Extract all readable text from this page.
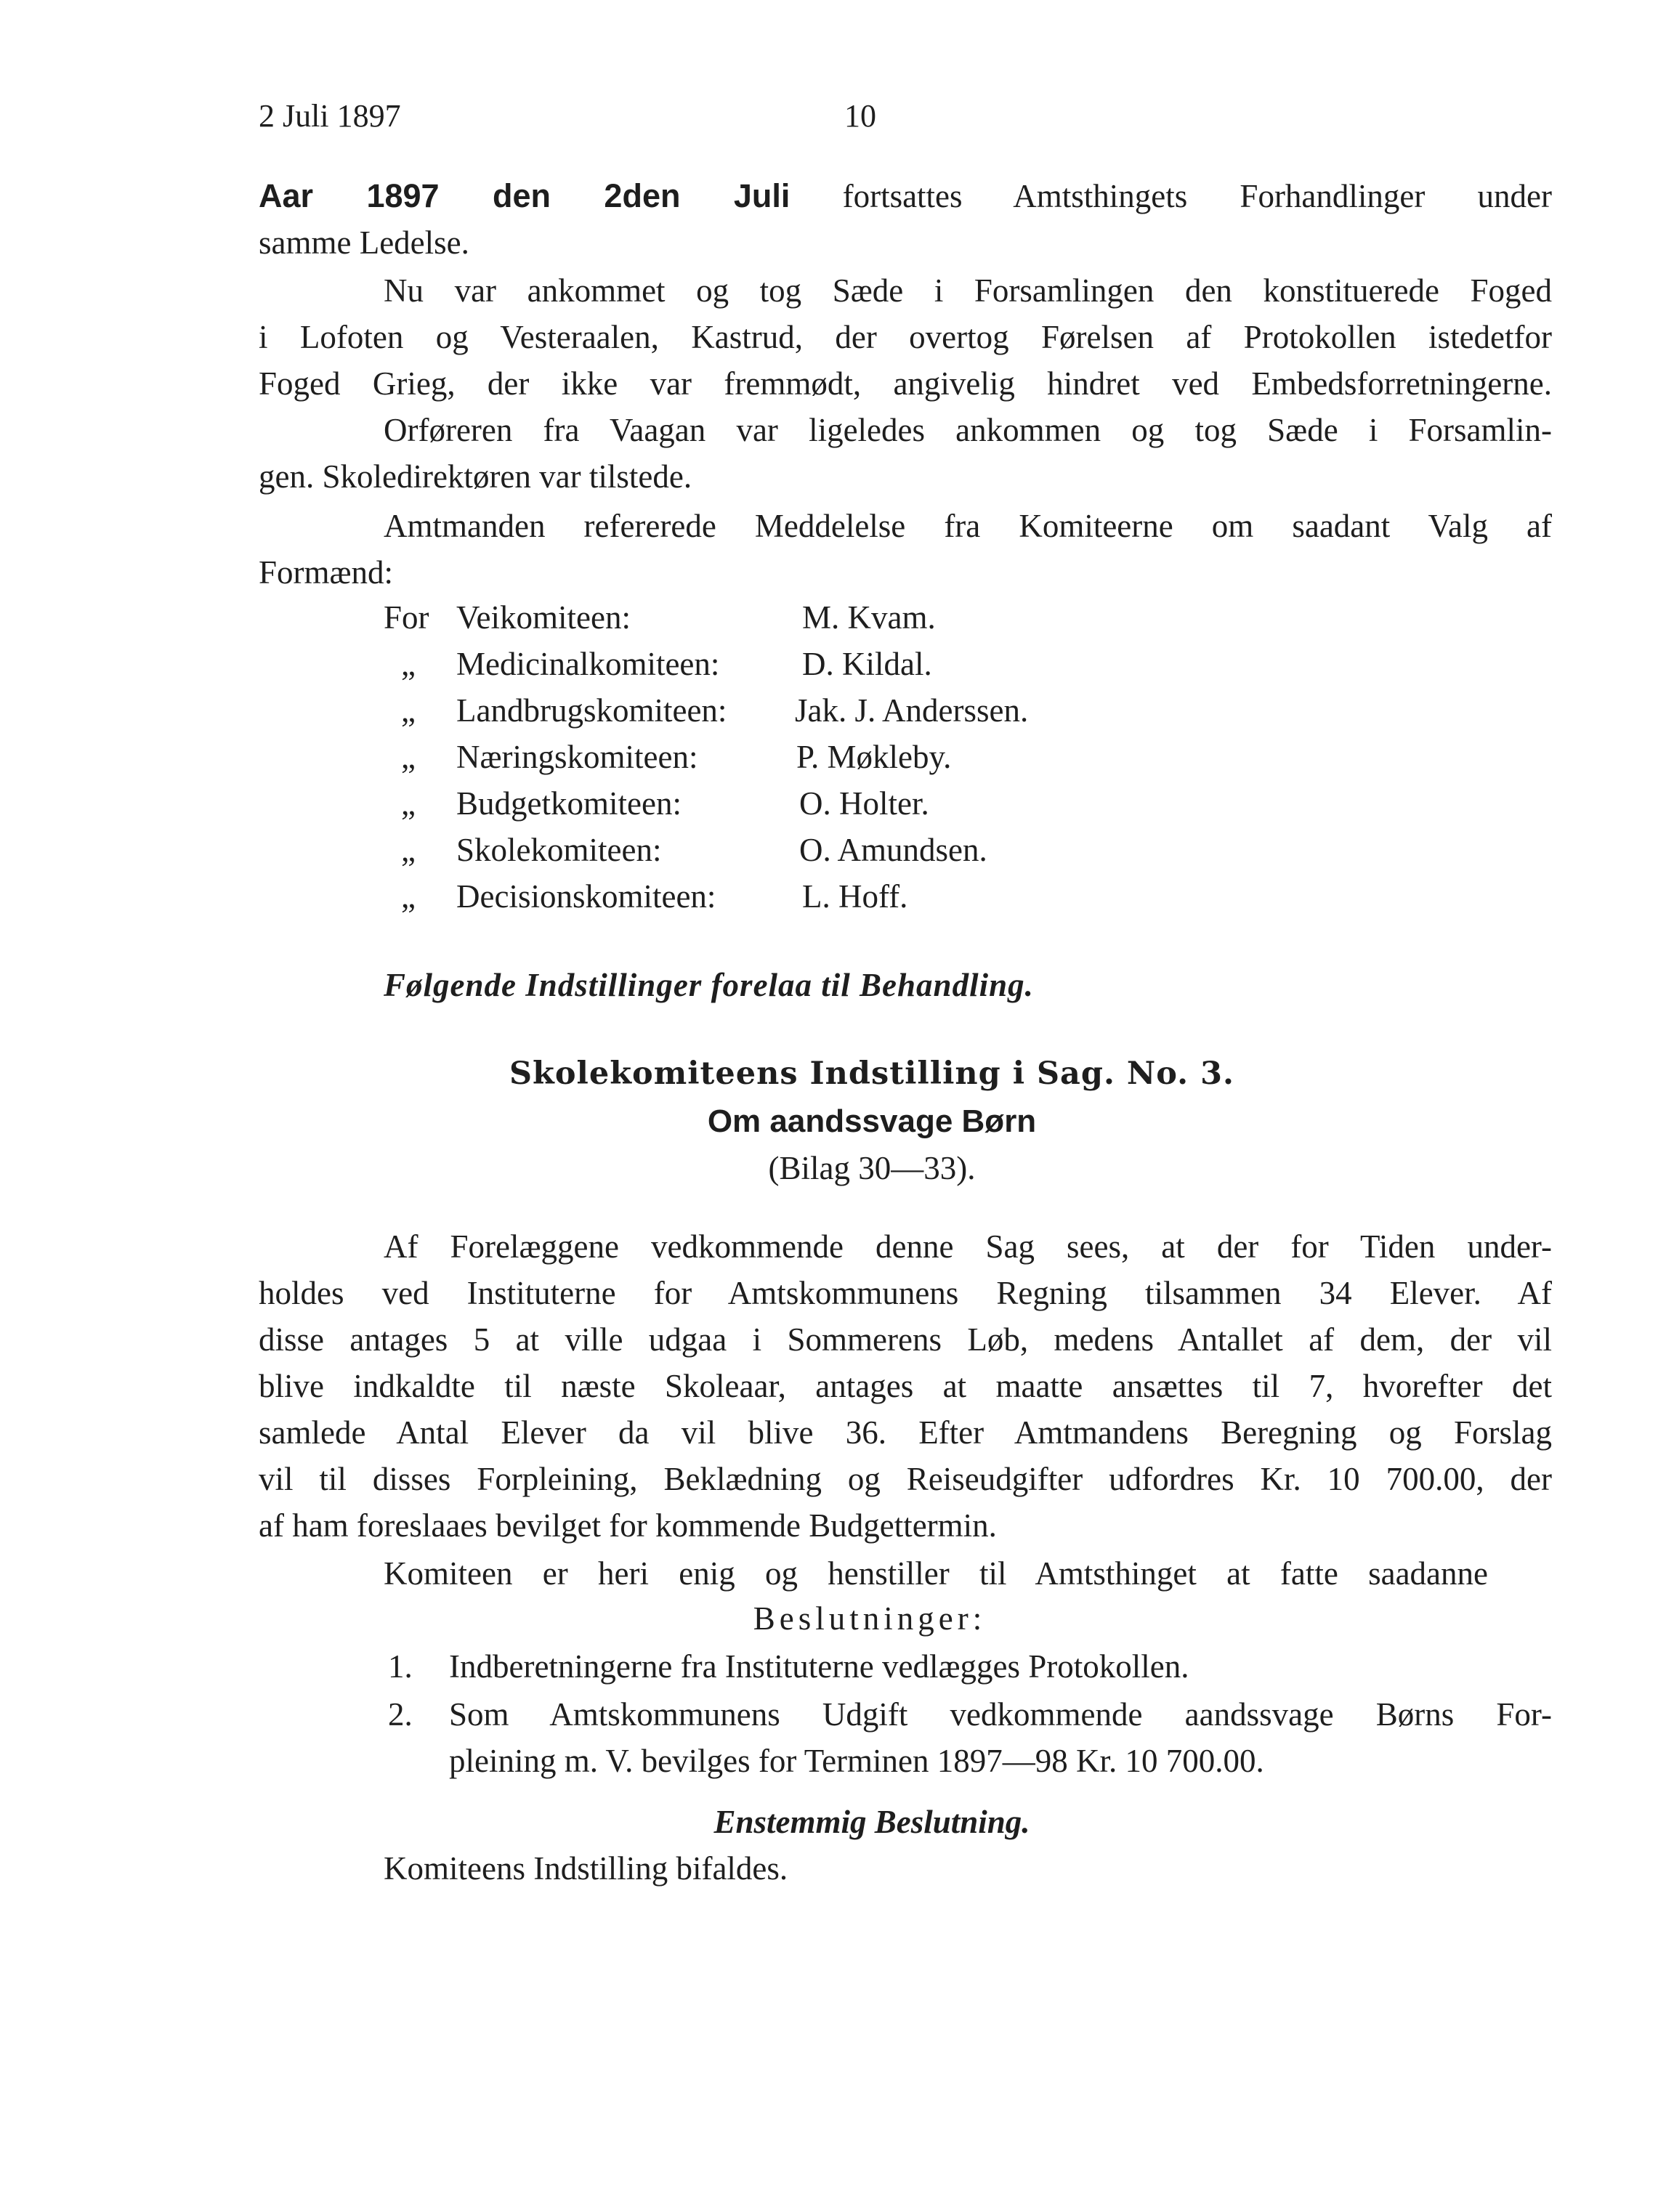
2 Juli 1897	10
Aar 1897 den 2den Juli fortsattes Amtsthingets Forhandlinger under
samme Ledelse.
Nu var ankommet og tog Sæde i Forsamlingen den konstituerede Foged
i Lofoten og Vesteraalen, Kastrud, der overtog Førelsen af Protokollen istedetfor
Foged Grieg, der ikke var fremmødt, angivelig hindret ved Embedsforretningerne.
Orføreren fra Vaagan var ligeledes ankommen og tog Sæde i Forsamlin-
gen. Skoledirektøren var tilstede.
Amtmanden refererede Meddelelse fra Komiteerne om saadant Valg af
Formænd:
For Veikomiteen:	M. Kvam.
„ Medicinalkomiteen:	D. Kildal.
„ Landbrugskomiteen: Jak. J. Anderssen.
„ Næringskomiteen:	P. Møkleby.
„ Budgetkomiteen:	O. Holter.
„ Skolekomiteen:	O. Amundsen.
„ Decisionskomiteen:	L. Hoff.
Følgende Indstillinger forelaa til Behandling.
Skolekomiteens Indstilling i Sag. No. 3.
Om aandssvage Børn
(Bilag 30—33).
Af Forelæggene vedkommende denne Sag sees, at der for Tiden under-
holdes ved Instituterne for Amtskommunens Regning tilsammen 34 Elever. Af
disse antages 5 at ville udgaa i Sommerens Løb, medens Antallet af dem, der vil
blive indkaldte til næste Skoleaar, antages at maatte ansættes til 7, hvorefter det
samlede Antal Elever da vil blive 36. Efter Amtmandens Beregning og Forslag
vil til disses Forpleining, Beklædning og Reiseudgifter udfordres Kr. 10 700.00, der
af ham foreslaaes bevilget for kommende Budgettermin.
Komiteen er heri enig og henstiller til Amtsthinget at fatte saadanne
Beslutninger:
1. Indberetningerne fra Instituterne vedlægges Protokollen.
2. Som Amtskommunens Udgift vedkommende aandssvage Børns For-
pleining m. V. bevilges for Terminen 1897—98 Kr. 10 700.00.
Enstemmig Beslutning.
Komiteens Indstilling bifaldes.
